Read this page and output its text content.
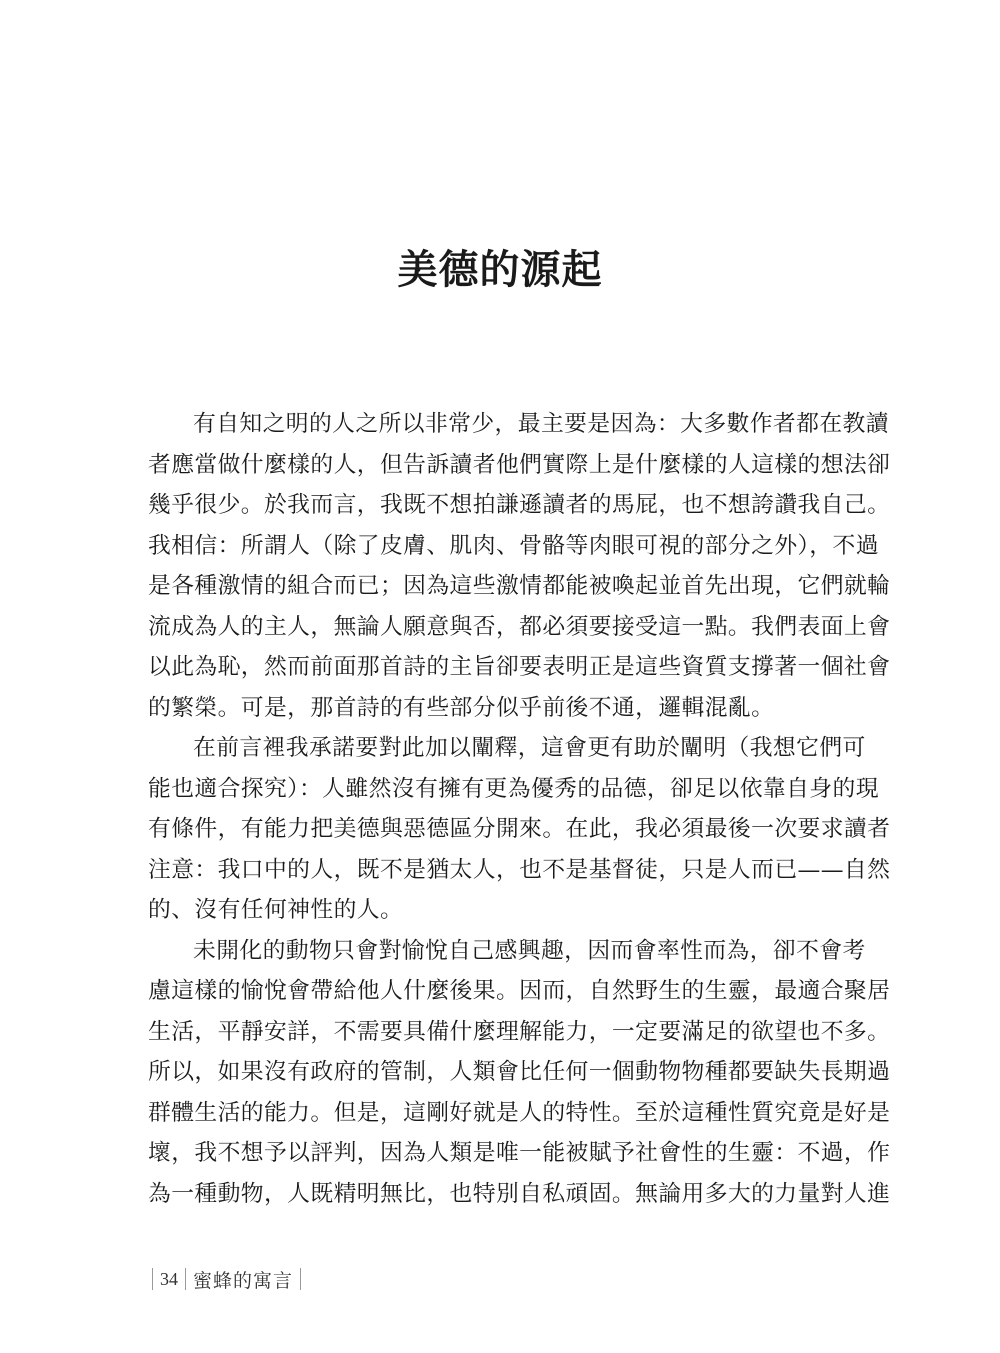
美德的源起
有自知之明的人之所以非常少，最主要是因為：大多數作者都在教讀
者應當做什麼樣的人，但告訴讀者他們實際上是什麼樣的人這樣的想法卻
幾乎很少。於我而言，我既不想拍謙遜讀者的馬屁，也不想誇讚我自己。
我相信：所謂人（除了皮膚、肌肉、骨骼等肉眼可視的部分之外），不過
是各種激情的組合而已；因為這些激情都能被喚起並首先出現，它們就輪
流成為人的主人，無論人願意與否，都必須要接受這一點。我們表面上會
以此為恥，然而前面那首詩的主旨卻要表明正是這些資質支撐著一個社會
的繁榮。可是，那首詩的有些部分似乎前後不通，邏輯混亂。
在前言裡我承諾要對此加以闡釋，這會更有助於闡明（我想它們可
能也適合探究）：人雖然沒有擁有更為優秀的品德，卻足以依靠自身的現
有條件，有能力把美德與惡德區分開來。在此，我必須最後一次要求讀者
注意：我口中的人，既不是猶太人，也不是基督徒，只是人而已——自然
的、沒有任何神性的人。
未開化的動物只會對愉悅自己感興趣，因而會率性而為，卻不會考
慮這樣的愉悅會帶給他人什麼後果。因而，自然野生的生靈，最適合聚居
生活，平靜安詳，不需要具備什麼理解能力，一定要滿足的欲望也不多。
所以，如果沒有政府的管制，人類會比任何一個動物物種都要缺失長期過
群體生活的能力。但是，這剛好就是人的特性。至於這種性質究竟是好是
壞，我不想予以評判，因為人類是唯一能被賦予社會性的生靈：不過，作
為一種動物，人既精明無比，也特別自私頑固。無論用多大的力量對人進
34 蜜蜂的寓言
